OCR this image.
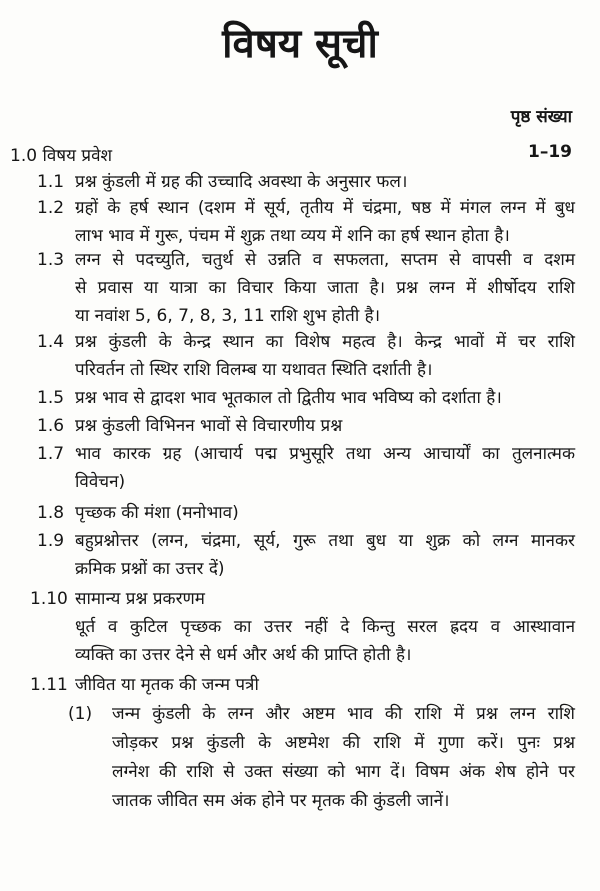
विषय सूची
पृष्ठ संख्या
1.0 विषय प्रवेश	1–19
1.1 प्रश्न कुंडली में ग्रह की उच्चादि अवस्था के अनुसार फल।
1.2 ग्रहों के हर्ष स्थान (दशम में सूर्य, तृतीय में चंद्रमा, षष्ठ में मंगल लग्न में बुध
लाभ भाव में गुरू, पंचम में शुक्र तथा व्यय में शनि का हर्ष स्थान होता है।
1.3 लग्न से पदच्युति, चतुर्थ से उन्नति व सफलता, सप्तम से वापसी व दशम
से प्रवास या यात्रा का विचार किया जाता है। प्रश्न लग्न में शीर्षोदय राशि
या नवांश 5, 6, 7, 8, 3, 11 राशि शुभ होती है।
1.4 प्रश्न कुंडली के केन्द्र स्थान का विशेष महत्व है। केन्द्र भावों में चर राशि
परिवर्तन तो स्थिर राशि विलम्ब या यथावत स्थिति दर्शाती है।
1.5 प्रश्न भाव से द्वादश भाव भूतकाल तो द्वितीय भाव भविष्य को दर्शाता है।
1.6 प्रश्न कुंडली विभिनन भावों से विचारणीय प्रश्न
1.7 भाव कारक ग्रह (आचार्य पद्म प्रभुसूरि तथा अन्य आचार्यों का तुलनात्मक
विवेचन)
1.8 पृच्छक की मंशा (मनोभाव)
1.9 बहुप्रश्नोत्तर (लग्न, चंद्रमा, सूर्य, गुरू तथा बुध या शुक्र को लग्न मानकर
क्रमिक प्रश्नों का उत्तर दें)
1.10 सामान्य प्रश्न प्रकरणम
धूर्त व कुटिल पृच्छक का उत्तर नहीं दे किन्तु सरल ह्रदय व आस्थावान
व्यक्ति का उत्तर देने से धर्म और अर्थ की प्राप्ति होती है।
1.11 जीवित या मृतक की जन्म पत्री
(1) जन्म कुंडली के लग्न और अष्टम भाव की राशि में प्रश्न लग्न राशि
जोड़कर प्रश्न कुंडली के अष्टमेश की राशि में गुणा करें। पुनः प्रश्न
लग्नेश की राशि से उक्त संख्या को भाग दें। विषम अंक शेष होने पर
जातक जीवित सम अंक होने पर मृतक की कुंडली जानें।
